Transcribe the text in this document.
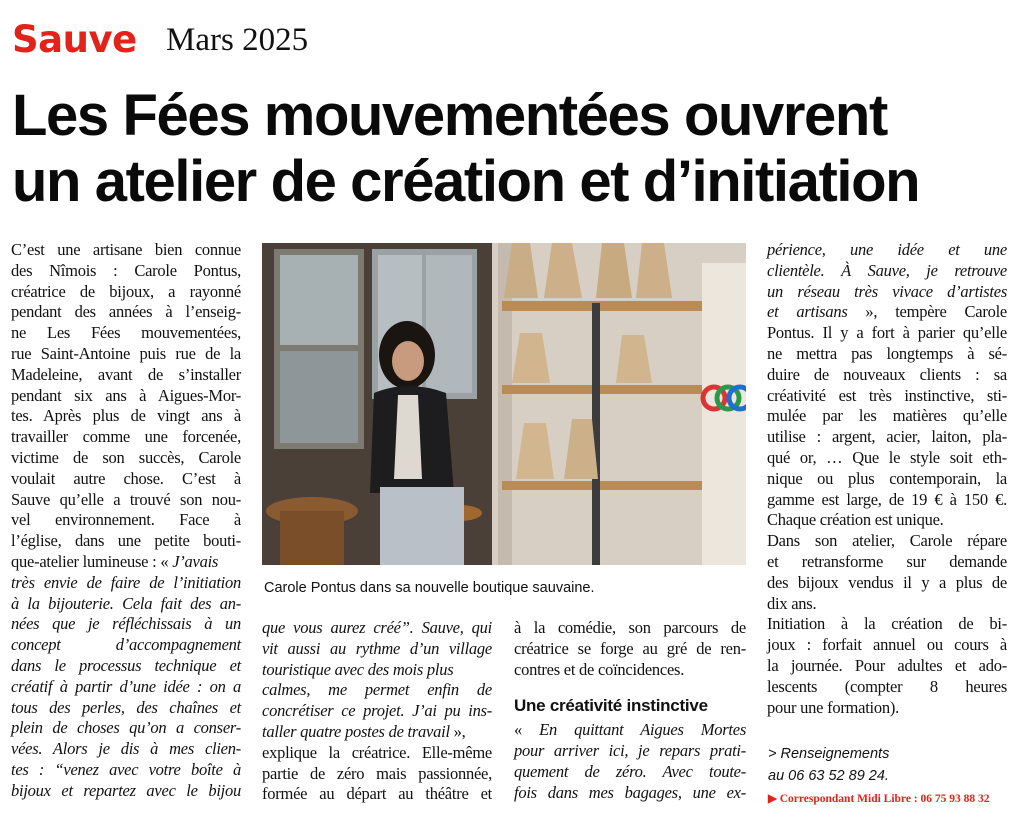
Sauve Mars 2025
Les Fées mouvementées ouvrent
un atelier de création et d’initiation

C’est une artisane bien connue

des Nîmois : Carole Pontus,

créatrice de bijoux, a rayonné

pendant des années à l’enseig-

ne Les Fées mouvementées,

rue Saint-Antoine puis rue de la

Madeleine, avant de s’installer

pendant six ans à Aigues-Mor-

tes. Après plus de vingt ans à

travailler comme une forcenée,

victime de son succès, Carole

voulait autre chose. C’est à

Sauve qu’elle a trouvé son nou-

vel environnement. Face à

l’église, dans une petite bouti-

que-atelier lumineuse : « J’avais

très envie de faire de l’initiation

à la bijouterie. Cela fait des an-

nées que je réfléchissais à un

concept d’accompagnement

dans le processus technique et

créatif à partir d’une idée : on a

tous des perles, des chaînes et

plein de choses qu’on a conser-

vées. Alors je dis à mes clien-

tes : “venez avec votre boîte à

bijoux et repartez avec le bijou

Carole Pontus dans sa nouvelle boutique sauvaine.

que vous aurez créé”. Sauve, qui

vit aussi au rythme d’un village

touristique avec des mois plus

calmes, me permet enfin de

concrétiser ce projet. J’ai pu ins-

taller quatre postes de travail »,

explique la créatrice. Elle-même

partie de zéro mais passionnée,

formée au départ au théâtre et

à la comédie, son parcours de

créatrice se forge au gré de ren-

contres et de coïncidences.

Une créativité instinctive

« En quittant Aigues Mortes

pour arriver ici, je repars prati-

quement de zéro. Avec toute-

fois dans mes bagages, une ex-

périence, une idée et une

clientèle. À Sauve, je retrouve

un réseau très vivace d’artistes

et artisans », tempère Carole

Pontus. Il y a fort à parier qu’elle

ne mettra pas longtemps à sé-

duire de nouveaux clients : sa

créativité est très instinctive, sti-

mulée par les matières qu’elle

utilise : argent, acier, laiton, pla-

qué or, … Que le style soit eth-

nique ou plus contemporain, la

gamme est large, de 19 € à 150 €.

Chaque création est unique.

Dans son atelier, Carole répare

et retransforme sur demande

des bijoux vendus il y a plus de

dix ans.

Initiation à la création de bi-

joux : forfait annuel ou cours à

la journée. Pour adultes et ado-

lescents (compter 8 heures

pour une formation).

> Renseignements
au 06 63 52 89 24.
▶ Correspondant Midi Libre : 06 75 93 88 32
